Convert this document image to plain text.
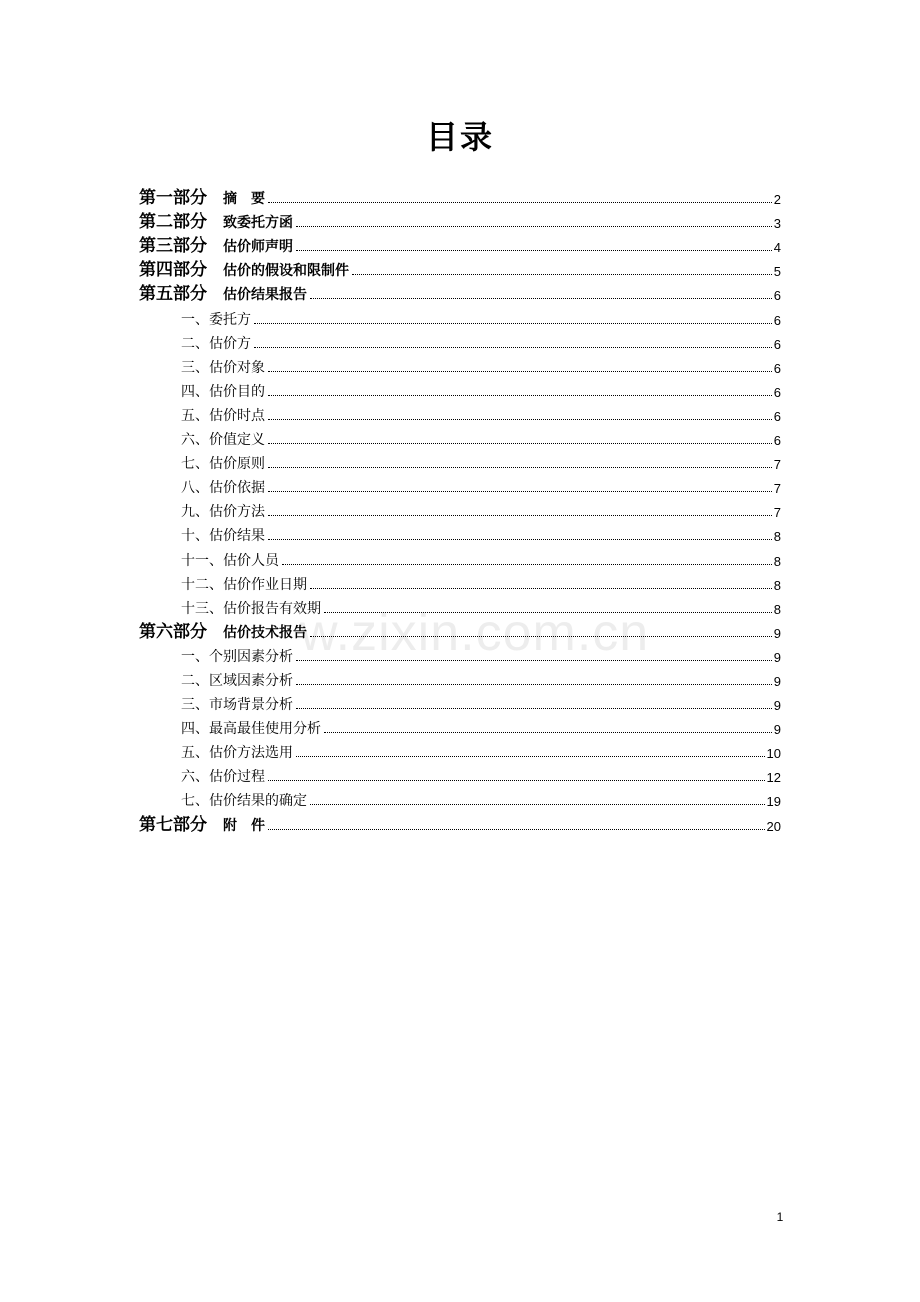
目录
第一部分 摘　要	2
第二部分 致委托方函	3
第三部分 估价师声明	4
第四部分 估价的假设和限制件	5
第五部分 估价结果报告	6
一、委托方	6
二、估价方	6
三、估价对象	6
四、估价目的	6
五、估价时点	6
六、价值定义	6
七、估价原则	7
八、估价依据	7
九、估价方法	7
十、估价结果	8
十一、估价人员	8
十二、估价作业日期	8
十三、估价报告有效期	8
第六部分 估价技术报告	9
一、个别因素分析	9
二、区域因素分析	9
三、市场背景分析	9
四、最高最佳使用分析	9
五、估价方法选用	10
六、估价过程	12
七、估价结果的确定	19
第七部分 附　件	20
w.zixin.com.cn
1
